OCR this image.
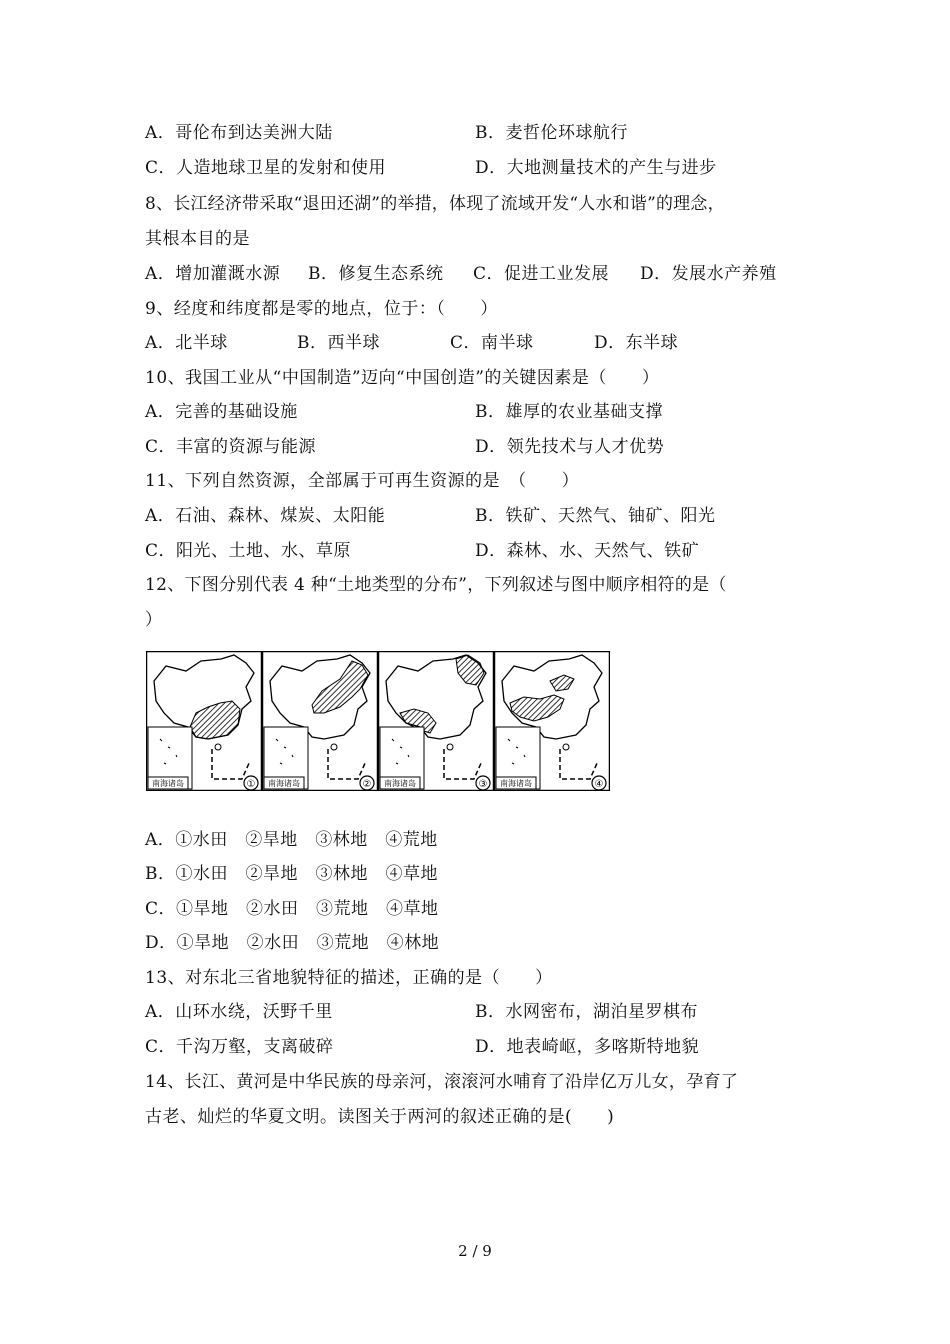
A．哥伦布到达美洲大陆	B．麦哲伦环球航行
C．人造地球卫星的发射和使用	D．大地测量技术的产生与进步
8、长江经济带采取“退田还湖”的举措，体现了流域开发“人水和谐”的理念，
其根本目的是
A．增加灌溉水源 B．修复生态系统 C．促进工业发展 D．发展水产养殖
9、经度和纬度都是零的地点，位于：（　　）
A．北半球	B．西半球	C．南半球	D．东半球
10、我国工业从“中国制造”迈向“中国创造”的关键因素是（　　）
A．完善的基础设施	B．雄厚的农业基础支撑
C．丰富的资源与能源	D．领先技术与人才优势
11、下列自然资源，全部属于可再生资源的是　（　　）
A．石油、森林、煤炭、太阳能	B．铁矿、天然气、铀矿、阳光
C．阳光、土地、水、草原	D．森林、水、天然气、铁矿
12、下图分别代表 4 种“土地类型的分布”，下列叙述与图中顺序相符的是（
）
①
南海诸岛	②
南海诸岛	③
南海诸岛	④
南海诸岛
A．①水田　②旱地　③林地　④荒地
B．①水田　②旱地　③林地　④草地
C．①旱地　②水田　③荒地　④草地
D．①旱地　②水田　③荒地　④林地
13、对东北三省地貌特征的描述，正确的是（　　）
A．山环水绕，沃野千里	B．水网密布，湖泊星罗棋布
C．千沟万壑，支离破碎	D．地表崎岖，多喀斯特地貌
14、长江、黄河是中华民族的母亲河，滚滚河水哺育了沿岸亿万儿女，孕育了
古老、灿烂的华夏文明。读图关于两河的叙述正确的是(　　)
2 / 9
